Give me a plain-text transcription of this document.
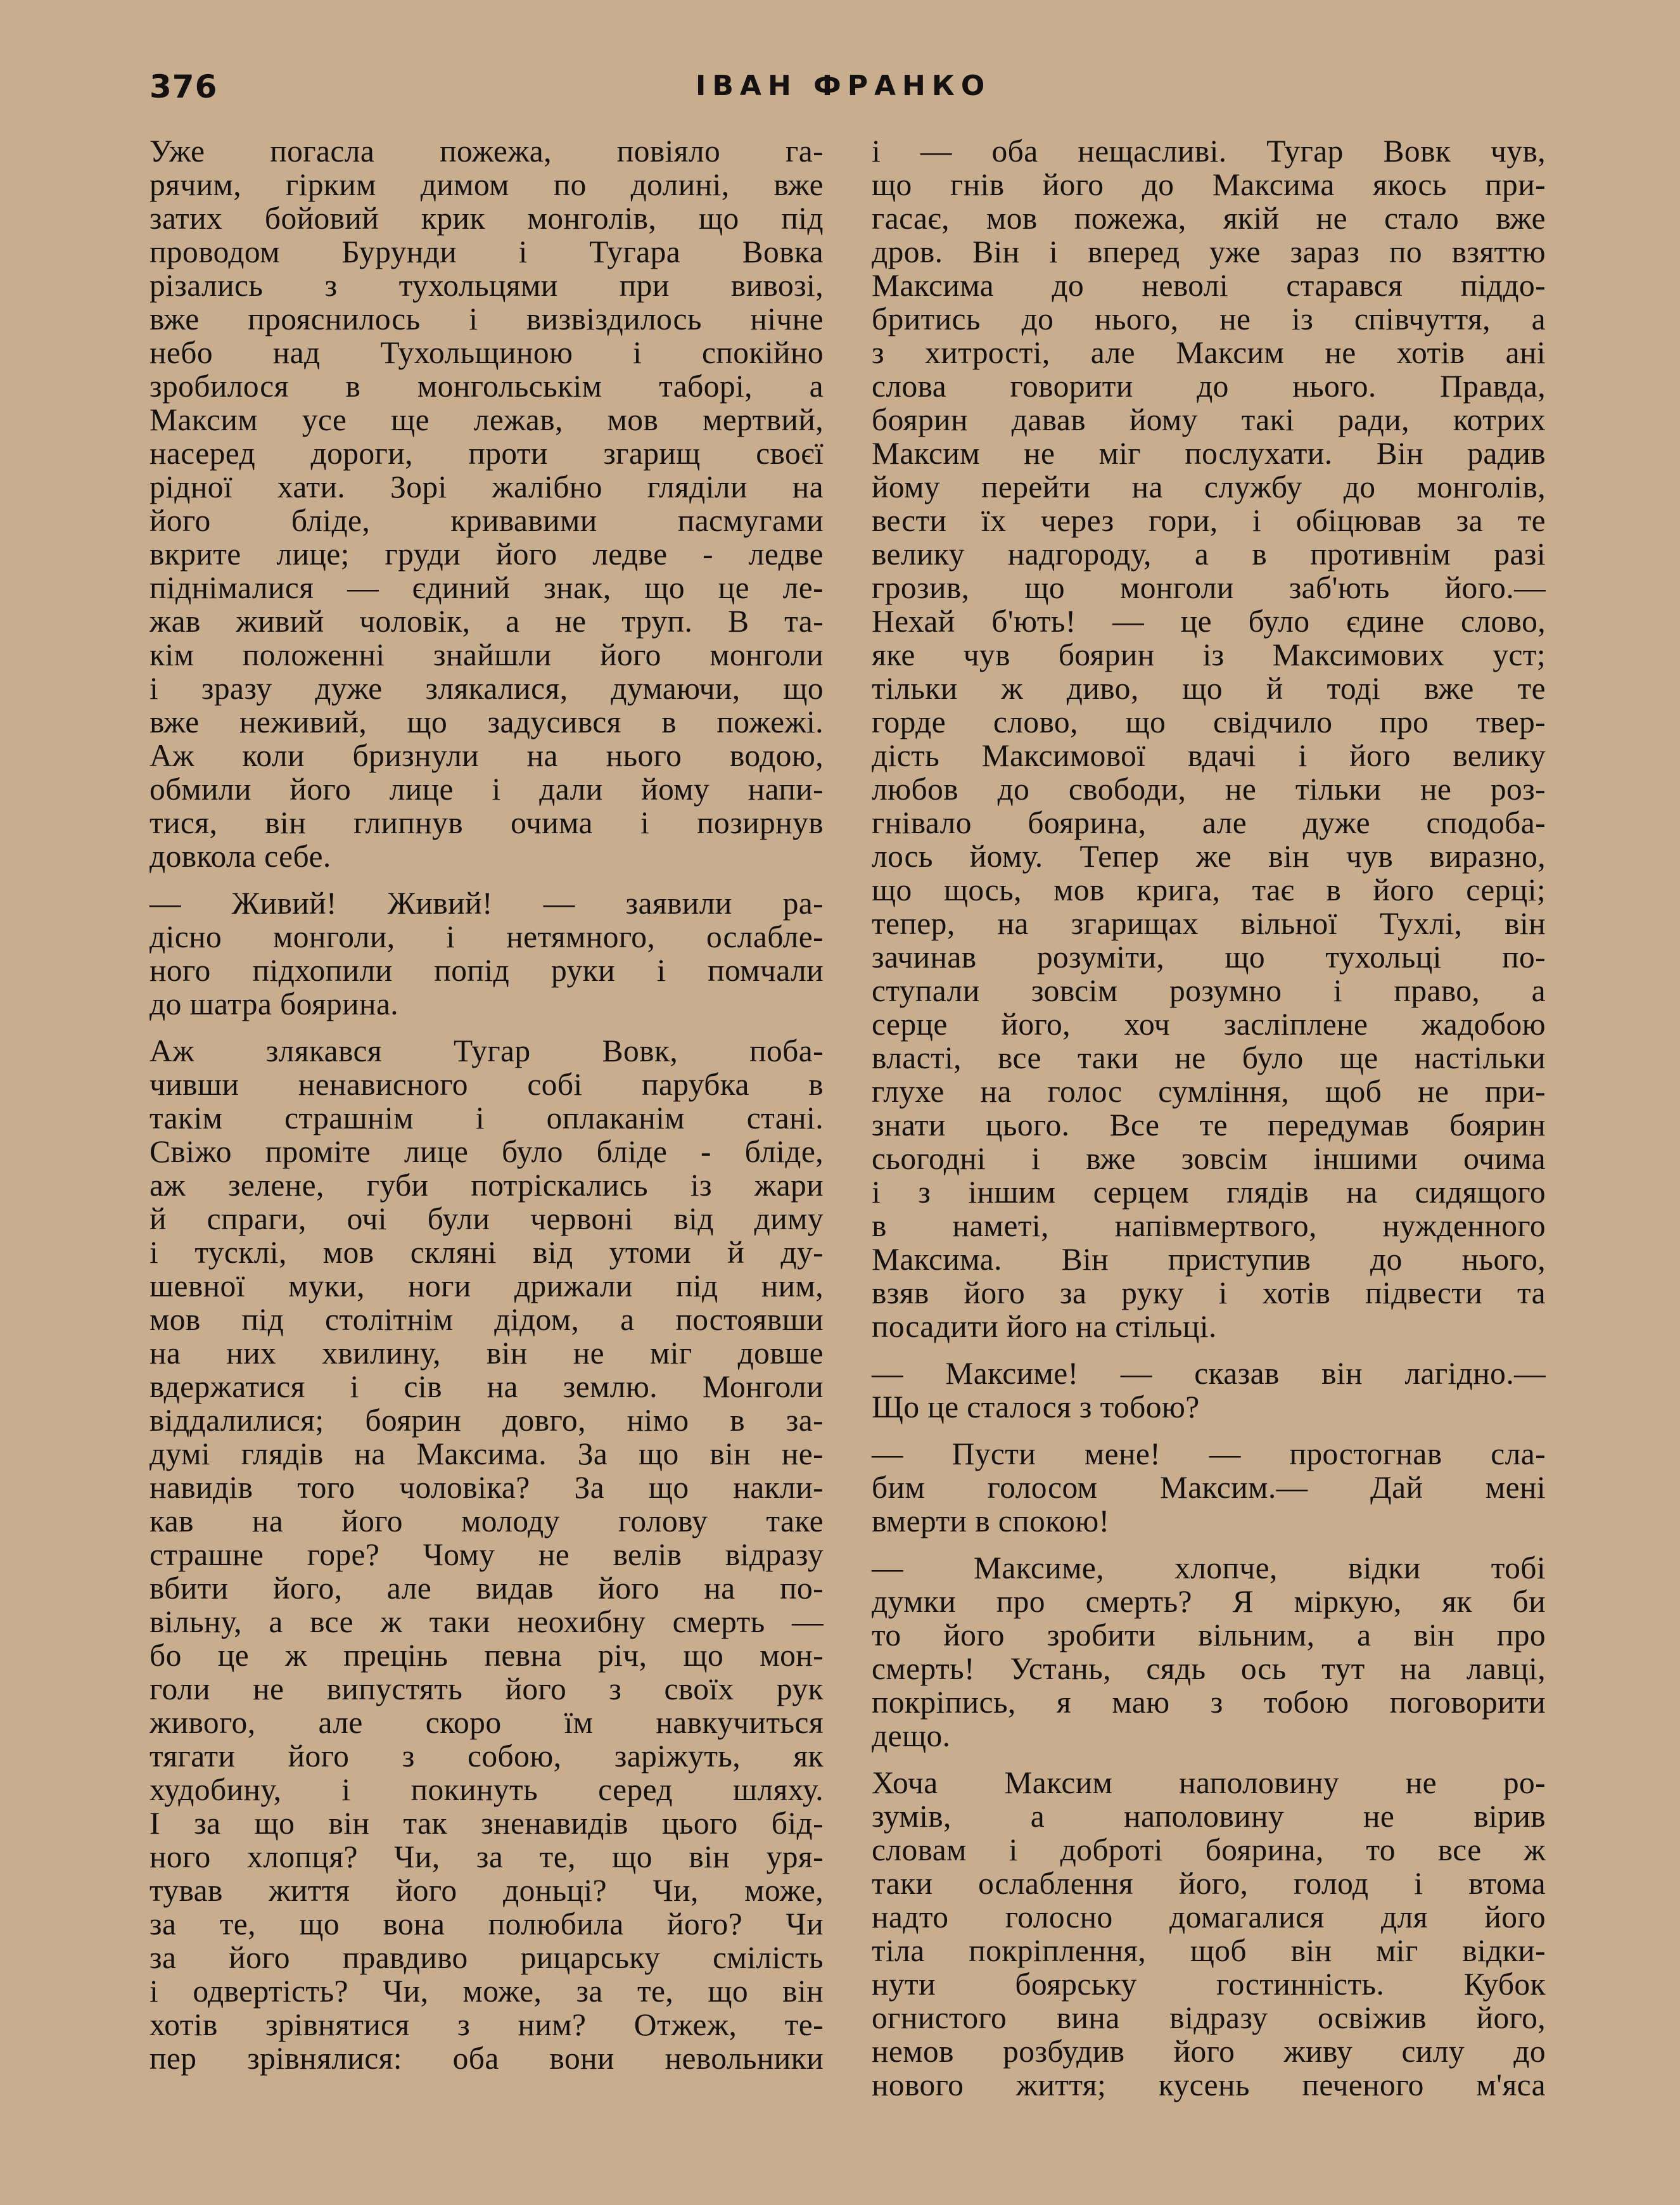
376	ІВАН ФРАНКО
Уже погасла пожежа, повіяло га-
рячим, гірким димом по долині, вже
затих бойовий крик монголів, що під
проводом Бурунди і Тугара Вовка
різались з тухольцями при вивозі,
вже прояснилось і визвіздилось нічне
небо над Тухольщиною і спокійно
зробилося в монгольськім таборі, а
Максим усе ще лежав, мов мертвий,
насеред дороги, проти згарищ своєї
рідної хати. Зорі жалібно гляділи на
його бліде, кривавими пасмугами
вкрите лице; груди його ледве - ледве
піднімалися — єдиний знак, що це ле-
жав живий чоловік, а не труп. В та-
кім положенні знайшли його монголи
і зразу дуже злякалися, думаючи, що
вже неживий, що задусився в пожежі.
Аж коли бризнули на нього водою,
обмили його лице і дали йому напи-
тися, він глипнув очима і позирнув
довкола себе.
— Живий! Живий! — заявили ра-
дісно монголи, і нетямного, ослабле-
ного підхопили попід руки і помчали
до шатра боярина.
Аж злякався Тугар Вовк, поба-
чивши ненависного собі парубка в
такім страшнім і оплаканім стані.
Свіжо проміте лице було бліде - бліде,
аж зелене, губи потріскались із жари
й спраги, очі були червоні від диму
і тусклі, мов скляні від утоми й ду-
шевної муки, ноги дрижали під ним,
мов під столітнім дідом, а постоявши
на них хвилину, він не міг довше
вдержатися і сів на землю. Монголи
віддалилися; боярин довго, німо в за-
думі глядів на Максима. За що він не-
навидів того чоловіка? За що накли-
кав на його молоду голову таке
страшне горе? Чому не велів відразу
вбити його, але видав його на по-
вільну, а все ж таки неохибну смерть —
бо це ж прецінь певна річ, що мон-
голи не випустять його з своїх рук
живого, але скоро їм навкучиться
тягати його з собою, заріжуть, як
худобину, і покинуть серед шляху.
І за що він так зненавидів цього бід-
ного хлопця? Чи, за те, що він уря-
тував життя його доньці? Чи, може,
за те, що вона полюбила його? Чи
за його правдиво рицарську смілість
і одвертість? Чи, може, за те, що він
хотів зрівнятися з ним? Отжеж, те-
пер зрівнялися: оба вони невольники
і — оба нещасливі. Тугар Вовк чув,
що гнів його до Максима якось при-
гасає, мов пожежа, якій не стало вже
дров. Він і вперед уже зараз по взяттю
Максима до неволі старався піддо-
бритись до нього, не із співчуття, а
з хитрості, але Максим не хотів ані
слова говорити до нього. Правда,
боярин давав йому такі ради, котрих
Максим не міг послухати. Він радив
йому перейти на службу до монголів,
вести їх через гори, і обіцював за те
велику надгороду, а в противнім разі
грозив, що монголи заб'ють його.—
Нехай б'ють! — це було єдине слово,
яке чув боярин із Максимових уст;
тільки ж диво, що й тоді вже те
горде слово, що свідчило про твер-
дість Максимової вдачі і його велику
любов до свободи, не тільки не роз-
гнівало боярина, але дуже сподоба-
лось йому. Тепер же він чув виразно,
що щось, мов крига, тає в його серці;
тепер, на згарищах вільної Тухлі, він
зачинав розуміти, що тухольці по-
ступали зовсім розумно і право, а
серце його, хоч засліплене жадобою
власті, все таки не було ще настільки
глухе на голос сумління, щоб не при-
знати цього. Все те передумав боярин
сьогодні і вже зовсім іншими очима
і з іншим серцем глядів на сидящого
в наметі, напівмертвого, нужденного
Максима. Він приступив до нього,
взяв його за руку і хотів підвести та
посадити його на стільці.
— Максиме! — сказав він лагідно.—
Що це сталося з тобою?
— Пусти мене! — простогнав сла-
бим голосом Максим.— Дай мені
вмерти в спокою!
— Максиме, хлопче, відки тобі
думки про смерть? Я міркую, як би
то його зробити вільним, а він про
смерть! Устань, сядь ось тут на лавці,
покріпись, я маю з тобою поговорити
дещо.
Хоча Максим наполовину не ро-
зумів, а наполовину не вірив
словам і доброті боярина, то все ж
таки ослаблення його, голод і втома
надто голосно домагалися для його
тіла покріплення, щоб він міг відки-
нути боярську гостинність. Кубок
огнистого вина відразу освіжив його,
немов розбудив його живу силу до
нового життя; кусень печеного м'яса
